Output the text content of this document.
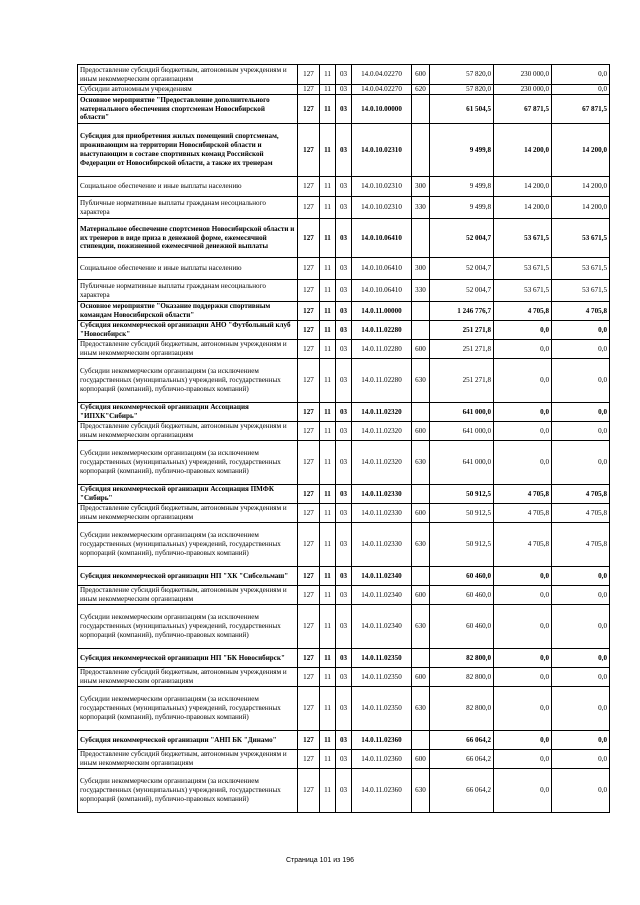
Предоставление субсидий бюджетным, автономным учреждениям и иным некоммерческим организациям	127	11	03	14.0.04.02270	600	57 820,0	230 000,0	0,0
Субсидии автономным учреждениям	127	11	03	14.0.04.02270	620	57 820,0	230 000,0	0,0
Основное мероприятие "Предоставление дополнительного материального обеспечения спортсменам Новосибирской области"	127	11	03	14.0.10.00000		61 504,5	67 871,5	67 871,5
Субсидия для приобретения жилых помещений спортсменам, проживающим на территории Новосибирской области и выступающим в составе спортивных команд Российской Федерации от Новосибирской области, а также их тренерам	127	11	03	14.0.10.02310		9 499,8	14 200,0	14 200,0
Социальное обеспечение и иные выплаты населению	127	11	03	14.0.10.02310	300	9 499,8	14 200,0	14 200,0
Публичные нормативные выплаты гражданам несоциального характера	127	11	03	14.0.10.02310	330	9 499,8	14 200,0	14 200,0
Материальное обеспечение спортсменов Новосибирской области и их тренеров в виде приза в денежной форме, ежемесячной стипендии, пожизненной ежемесячной денежной выплаты	127	11	03	14.0.10.06410		52 004,7	53 671,5	53 671,5
Социальное обеспечение и иные выплаты населению	127	11	03	14.0.10.06410	300	52 004,7	53 671,5	53 671,5
Публичные нормативные выплаты гражданам несоциального характера	127	11	03	14.0.10.06410	330	52 004,7	53 671,5	53 671,5
Основное мероприятие "Оказание поддержки спортивным командам Новосибирской области"	127	11	03	14.0.11.00000		1 246 776,7	4 705,8	4 705,8
Субсидия некоммерческой организации АНО "Футбольный клуб "Новосибирск"	127	11	03	14.0.11.02280		251 271,8	0,0	0,0
Предоставление субсидий бюджетным, автономным учреждениям и иным некоммерческим организациям	127	11	03	14.0.11.02280	600	251 271,8	0,0	0,0
Субсидии некоммерческим организациям (за исключением государственных (муниципальных) учреждений, государственных корпораций (компаний), публично-правовых компаний)	127	11	03	14.0.11.02280	630	251 271,8	0,0	0,0
Субсидия некоммерческой организации Ассоциация "ИПХК"Сибирь"	127	11	03	14.0.11.02320		641 000,0	0,0	0,0
Предоставление субсидий бюджетным, автономным учреждениям и иным некоммерческим организациям	127	11	03	14.0.11.02320	600	641 000,0	0,0	0,0
Субсидии некоммерческим организациям (за исключением государственных (муниципальных) учреждений, государственных корпораций (компаний), публично-правовых компаний)	127	11	03	14.0.11.02320	630	641 000,0	0,0	0,0
Субсидия некоммерческой организации Ассоциация ПМФК "Сибирь"	127	11	03	14.0.11.02330		50 912,5	4 705,8	4 705,8
Предоставление субсидий бюджетным, автономным учреждениям и иным некоммерческим организациям	127	11	03	14.0.11.02330	600	50 912,5	4 705,8	4 705,8
Субсидии некоммерческим организациям (за исключением государственных (муниципальных) учреждений, государственных корпораций (компаний), публично-правовых компаний)	127	11	03	14.0.11.02330	630	50 912,5	4 705,8	4 705,8
Субсидия некоммерческой организации НП "ХК "Сибсельмаш"	127	11	03	14.0.11.02340		60 460,0	0,0	0,0
Предоставление субсидий бюджетным, автономным учреждениям и иным некоммерческим организациям	127	11	03	14.0.11.02340	600	60 460,0	0,0	0,0
Субсидии некоммерческим организациям (за исключением государственных (муниципальных) учреждений, государственных корпораций (компаний), публично-правовых компаний)	127	11	03	14.0.11.02340	630	60 460,0	0,0	0,0
Субсидия некоммерческой организации НП "БК Новосибирск"	127	11	03	14.0.11.02350		82 800,0	0,0	0,0
Предоставление субсидий бюджетным, автономным учреждениям и иным некоммерческим организациям	127	11	03	14.0.11.02350	600	82 800,0	0,0	0,0
Субсидии некоммерческим организациям (за исключением государственных (муниципальных) учреждений, государственных корпораций (компаний), публично-правовых компаний)	127	11	03	14.0.11.02350	630	82 800,0	0,0	0,0
Субсидия некоммерческой организации "АНП БК "Динамо"	127	11	03	14.0.11.02360		66 064,2	0,0	0,0
Предоставление субсидий бюджетным, автономным учреждениям и иным некоммерческим организациям	127	11	03	14.0.11.02360	600	66 064,2	0,0	0,0
Субсидии некоммерческим организациям (за исключением государственных (муниципальных) учреждений, государственных корпораций (компаний), публично-правовых компаний)	127	11	03	14.0.11.02360	630	66 064,2	0,0	0,0
Страница 101 из 196
